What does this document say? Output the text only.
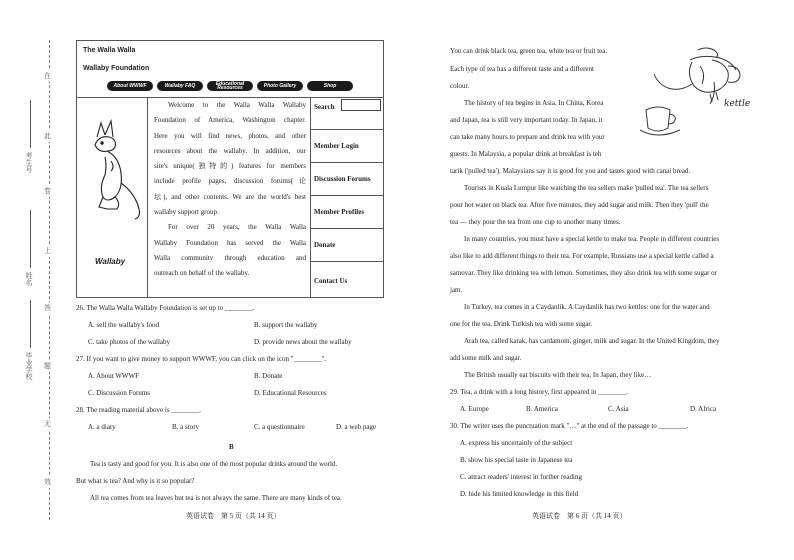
在
此
卷
上
答
题
无
效
考生号
姓名
毕业学校
The Walla Walla
Wallaby Foundation
About WWWF	Wallaby FAQ	Educational Resources	Photo Gallery	Shop
Wallaby

Welcome to the Walla Walla Wallaby

Foundation of America, Washington chapter.

Here you will find news, photos, and other

resources about the wallaby. In addition, our

site's unique(独特的) features for members

include profile pages, discussion forums(论

坛), and other contents. We are the world's best

wallaby support group.

For over 20 years, the Walla Walla

Wallaby Foundation has served the Walla

Walla community through education and

outreach on behalf of the wallaby.

Search
Member Login
Discussion Forums
Member Profiles
Donate
Contact Us
26. The Walla Walla Wallaby Foundation is set up to ________.
A. sell the wallaby's food	B. support the wallaby
C. take photos of the wallaby	D. provide news about the wallaby
27. If you want to give money to support WWWF, you can click on the icon "________".
A. About WWWF	B. Donate
C. Discussion Forums	D. Educational Resources
28. The reading material above is ________.
A. a diary	B. a story	C. a questionnaire	D. a web page
B
Tea is tasty and good for you. It is also one of the most popular drinks around the world.
But what is tea? And why is it so popular?
All tea comes from tea leaves but tea is not always the same. There are many kinds of tea.
英语试卷　第 5 页（共 14 页）
You can drink black tea, green tea, white tea or fruit tea.
Each type of tea has a different taste and a different
colour.
The history of tea begins in Asia. In China, Korea
and Japan, tea is still very important today. In Japan, it
can take many hours to prepare and drink tea with your
guests. In Malaysia, a popular drink at breakfast is teh
tarik ('pulled tea'). Malaysians say it is good for you and tastes good with canai bread.
Tourists in Kuala Lumpur like watching the tea sellers make 'pulled tea'. The tea sellers
pour hot water on black tea. After five minutes, they add sugar and milk. Then they 'pull' the
tea — they pour the tea from one cup to another many times.
In many countries, you must have a special kettle to make tea. People in different countries
also like to add different things to their tea. For example, Russians use a special kettle called a
samovar. They like drinking tea with lemon. Sometimes, they also drink tea with some sugar or
jam.
In Turkey, tea comes in a Caydanlik. A Caydanlik has two kettles: one for the water and
one for the tea. Drink Turkish tea with some sugar.
Arab tea, called karak, has cardamom, ginger, milk and sugar. In the United Kingdom, they
add some milk and sugar.
The British usually eat biscuits with their tea. In Japan, they like…
kettle
29. Tea, a drink with a long history, first appeared in ________.
A. Europe	B. America	C. Asia	D. Africa
30. The writer uses the punctuation mark "…" at the end of the passage to ________.
A. express his uncertainly of the subject
B. show his special taste in Japanese tea
C. attract readers' interest in further reading
D. hide his limited knowledge in this field
英语试卷　第 6 页（共 14 页）
